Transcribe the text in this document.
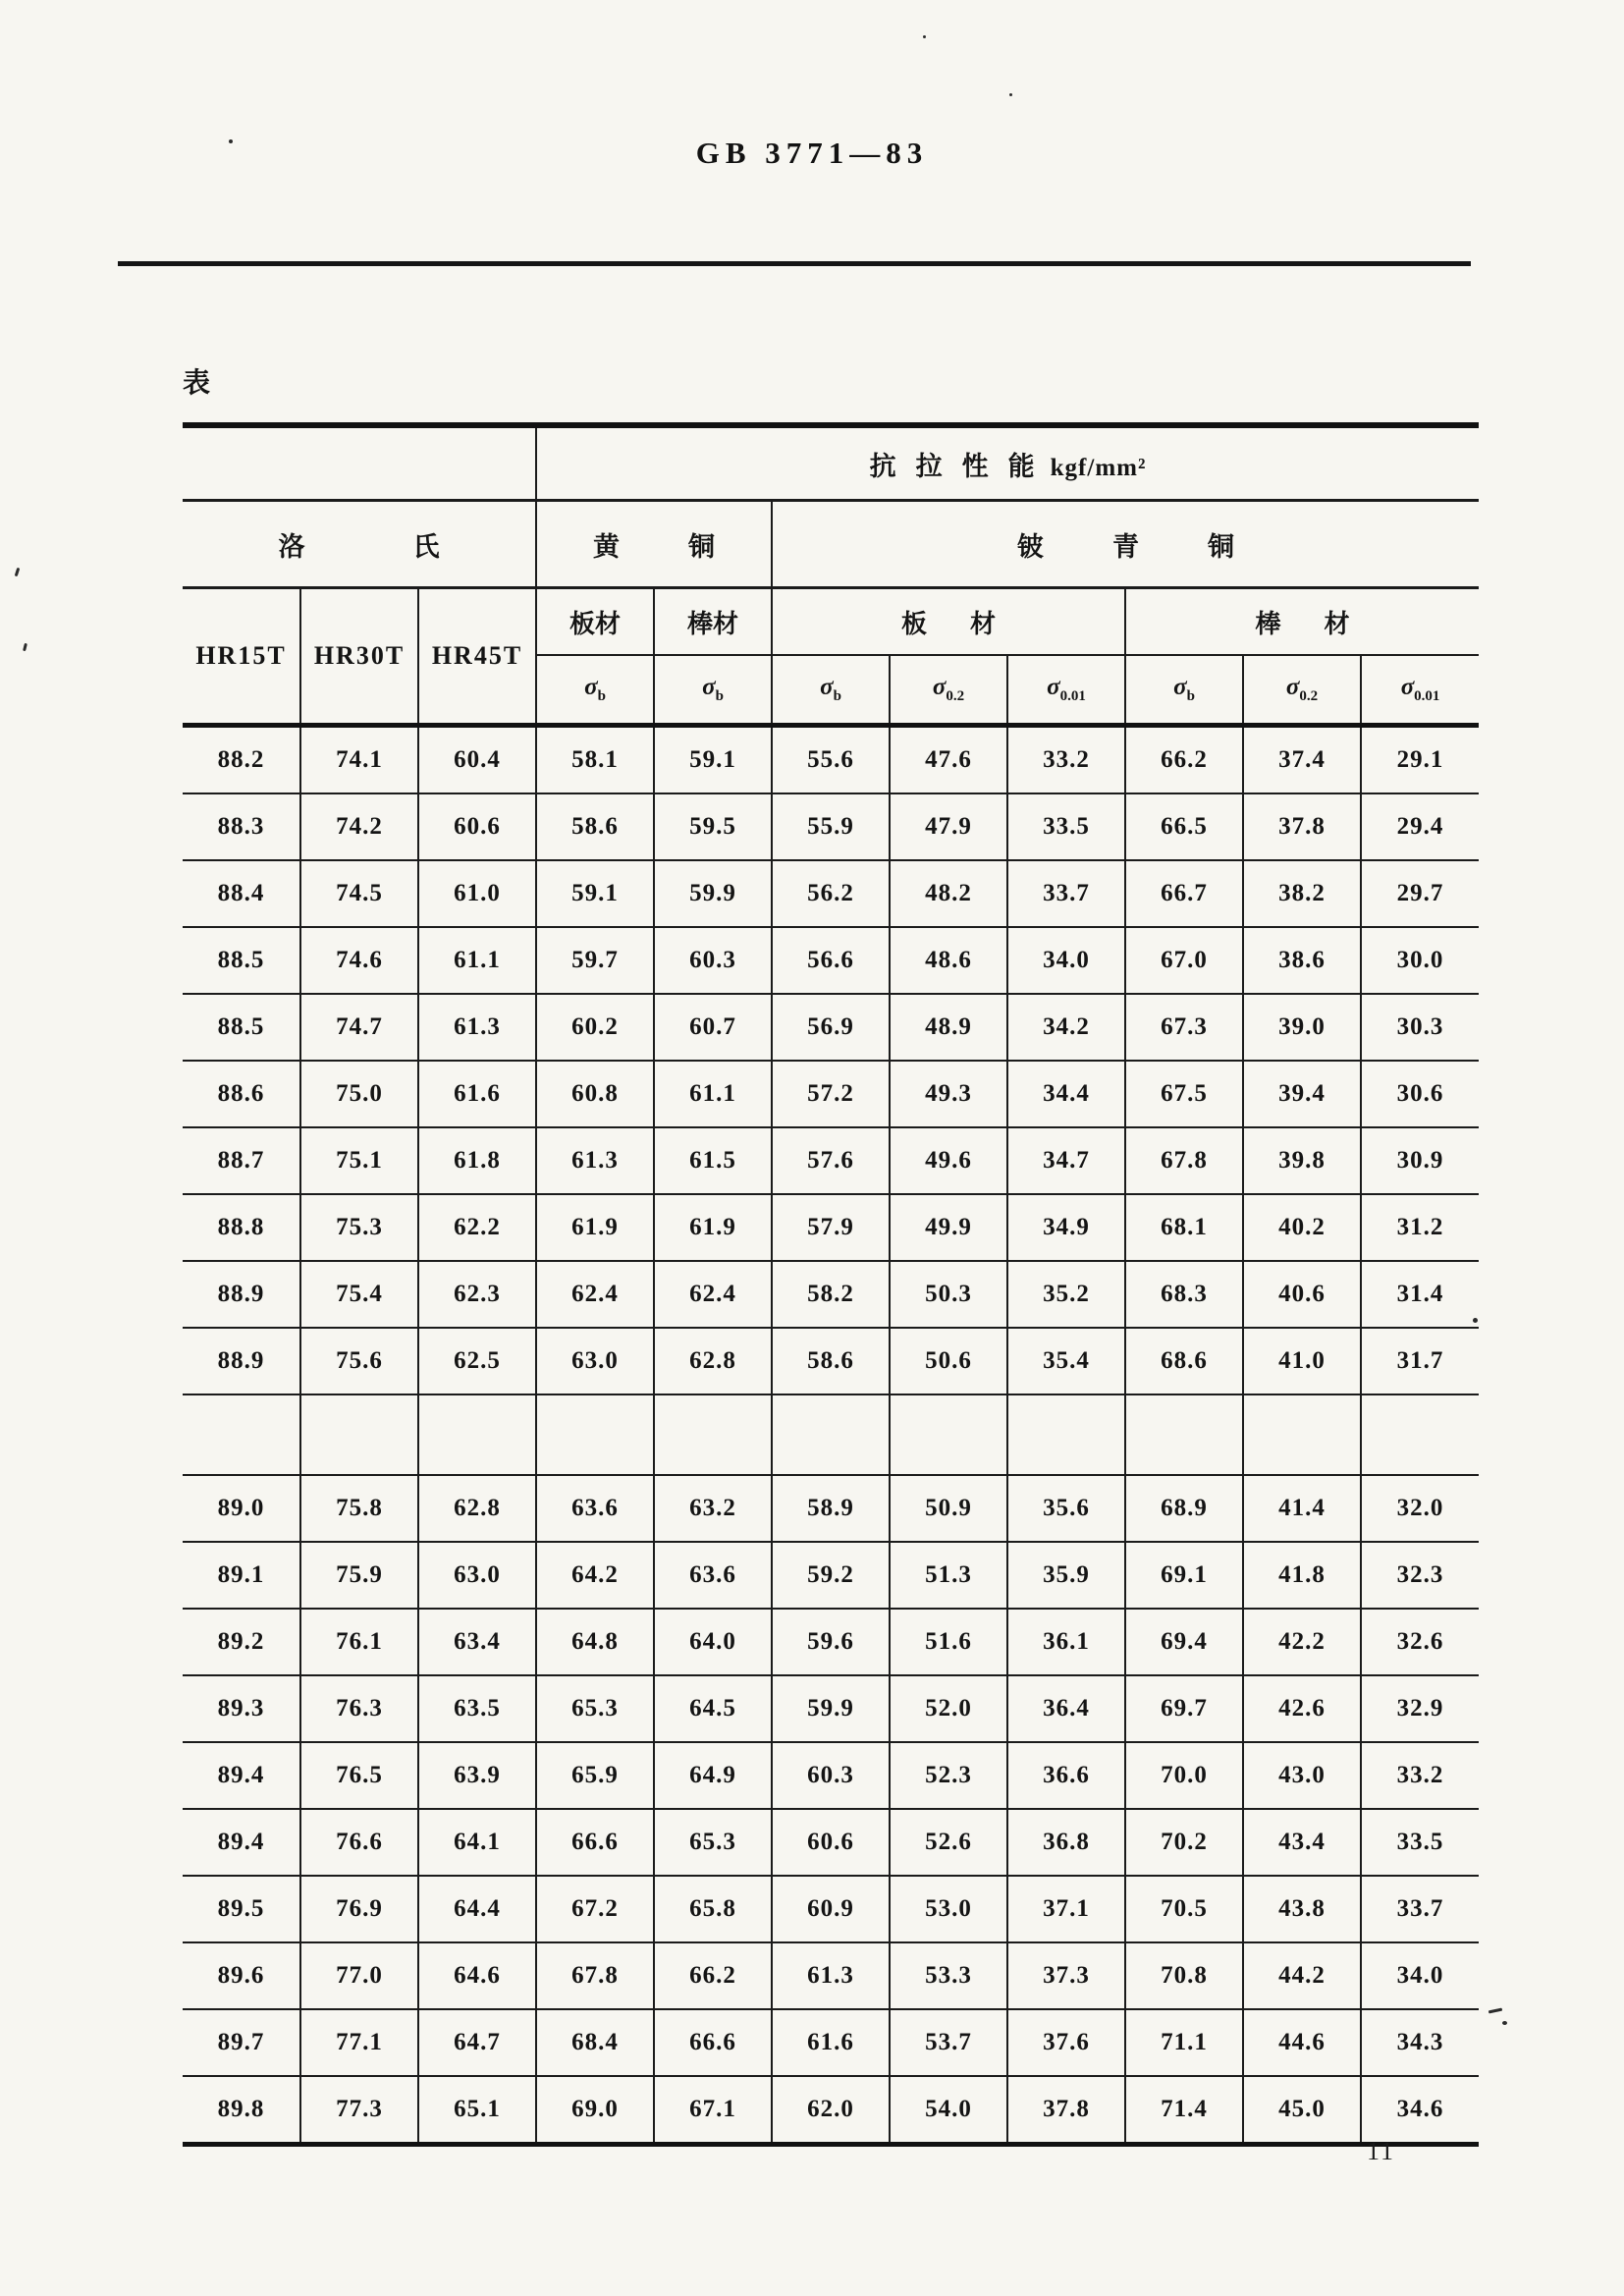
GB 3771—83
表
			抗拉性能 kgf/mm²							
洛氏			黄铜		铍青铜					
HR15T	HR30T	HR45T	板材	棒材	板材			棒材		
			$\sigma_b$	$\sigma_b$	$\sigma_b$	$\sigma_{0.2}$	$\sigma_{0.01}$	$\sigma_b$	$\sigma_{0.2}$	$\sigma_{0.01}$
88.2	74.1	60.4	58.1	59.1	55.6	47.6	33.2	66.2	37.4	29.1
88.3	74.2	60.6	58.6	59.5	55.9	47.9	33.5	66.5	37.8	29.4
88.4	74.5	61.0	59.1	59.9	56.2	48.2	33.7	66.7	38.2	29.7
88.5	74.6	61.1	59.7	60.3	56.6	48.6	34.0	67.0	38.6	30.0
88.5	74.7	61.3	60.2	60.7	56.9	48.9	34.2	67.3	39.0	30.3
88.6	75.0	61.6	60.8	61.1	57.2	49.3	34.4	67.5	39.4	30.6
88.7	75.1	61.8	61.3	61.5	57.6	49.6	34.7	67.8	39.8	30.9
88.8	75.3	62.2	61.9	61.9	57.9	49.9	34.9	68.1	40.2	31.2
88.9	75.4	62.3	62.4	62.4	58.2	50.3	35.2	68.3	40.6	31.4
88.9	75.6	62.5	63.0	62.8	58.6	50.6	35.4	68.6	41.0	31.7

89.0	75.8	62.8	63.6	63.2	58.9	50.9	35.6	68.9	41.4	32.0
89.1	75.9	63.0	64.2	63.6	59.2	51.3	35.9	69.1	41.8	32.3
89.2	76.1	63.4	64.8	64.0	59.6	51.6	36.1	69.4	42.2	32.6
89.3	76.3	63.5	65.3	64.5	59.9	52.0	36.4	69.7	42.6	32.9
89.4	76.5	63.9	65.9	64.9	60.3	52.3	36.6	70.0	43.0	33.2
89.4	76.6	64.1	66.6	65.3	60.6	52.6	36.8	70.2	43.4	33.5
89.5	76.9	64.4	67.2	65.8	60.9	53.0	37.1	70.5	43.8	33.7
89.6	77.0	64.6	67.8	66.2	61.3	53.3	37.3	70.8	44.2	34.0
89.7	77.1	64.7	68.4	66.6	61.6	53.7	37.6	71.1	44.6	34.3
89.8	77.3	65.1	69.0	67.1	62.0	54.0	37.8	71.4	45.0	34.6
11
